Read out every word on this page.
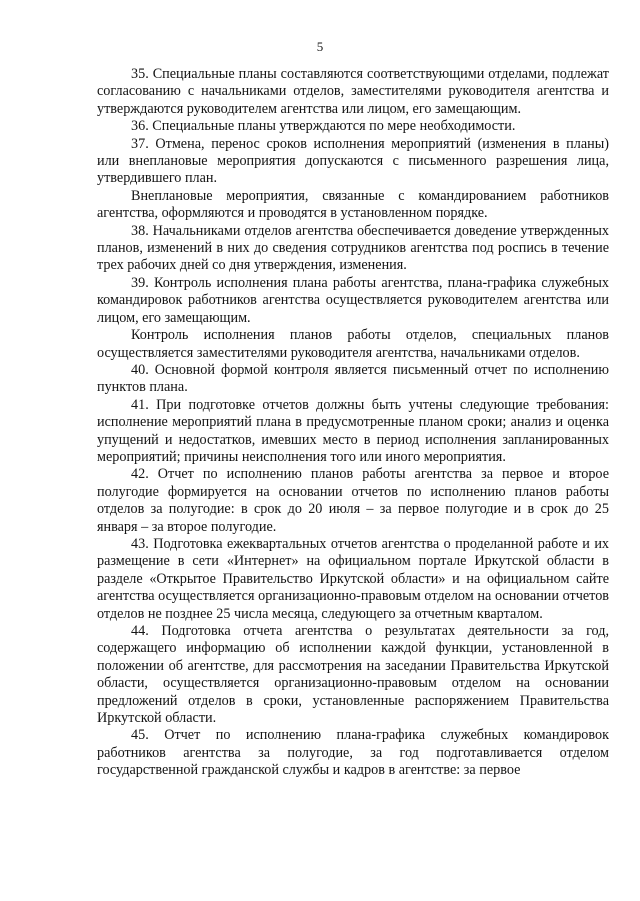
5

35. Специальные планы составляются соответствующими отделами, подлежат согласованию с начальниками отделов, заместителями руководителя агентства и утверждаются руководителем агентства или лицом, его замещающим.

36. Специальные планы утверждаются по мере необходимости.

37. Отмена, перенос сроков исполнения мероприятий (изменения в планы) или внеплановые мероприятия допускаются с письменного разрешения лица, утвердившего план.

Внеплановые мероприятия, связанные с командированием работников агентства, оформляются и проводятся в установленном порядке.

38. Начальниками отделов агентства обеспечивается доведение утвержденных планов, изменений в них до сведения сотрудников агентства под роспись в течение трех рабочих дней со дня утверждения, изменения.

39. Контроль исполнения плана работы агентства, плана-графика служебных командировок работников агентства осуществляется руководителем агентства или лицом, его замещающим.

Контроль исполнения планов работы отделов, специальных планов осуществляется заместителями руководителя агентства, начальниками отделов.

40. Основной формой контроля является письменный отчет по исполнению пунктов плана.

41. При подготовке отчетов должны быть учтены следующие требования: исполнение мероприятий плана в предусмотренные планом сроки; анализ и оценка упущений и недостатков, имевших место в период исполнения запланированных мероприятий; причины неисполнения того или иного мероприятия.

42. Отчет по исполнению планов работы агентства за первое и второе полугодие формируется на основании отчетов по исполнению планов работы отделов за полугодие: в срок до 20 июля – за первое полугодие и в срок до 25 января – за второе полугодие.

43. Подготовка ежеквартальных отчетов агентства о проделанной работе и их размещение в сети «Интернет» на официальном портале Иркутской области в разделе «Открытое Правительство Иркутской области» и на официальном сайте агентства осуществляется организационно-правовым отделом на основании отчетов отделов не позднее 25 числа месяца, следующего за отчетным кварталом.

44. Подготовка отчета агентства о результатах деятельности за год, содержащего информацию об исполнении каждой функции, установленной в положении об агентстве, для рассмотрения на заседании Правительства Иркутской области, осуществляется организационно-правовым отделом на основании предложений отделов в сроки, установленные распоряжением Правительства Иркутской области.

45. Отчет по исполнению плана-графика служебных командировок работников агентства за полугодие, за год подготавливается отделом государственной гражданской службы и кадров в агентстве: за первое
